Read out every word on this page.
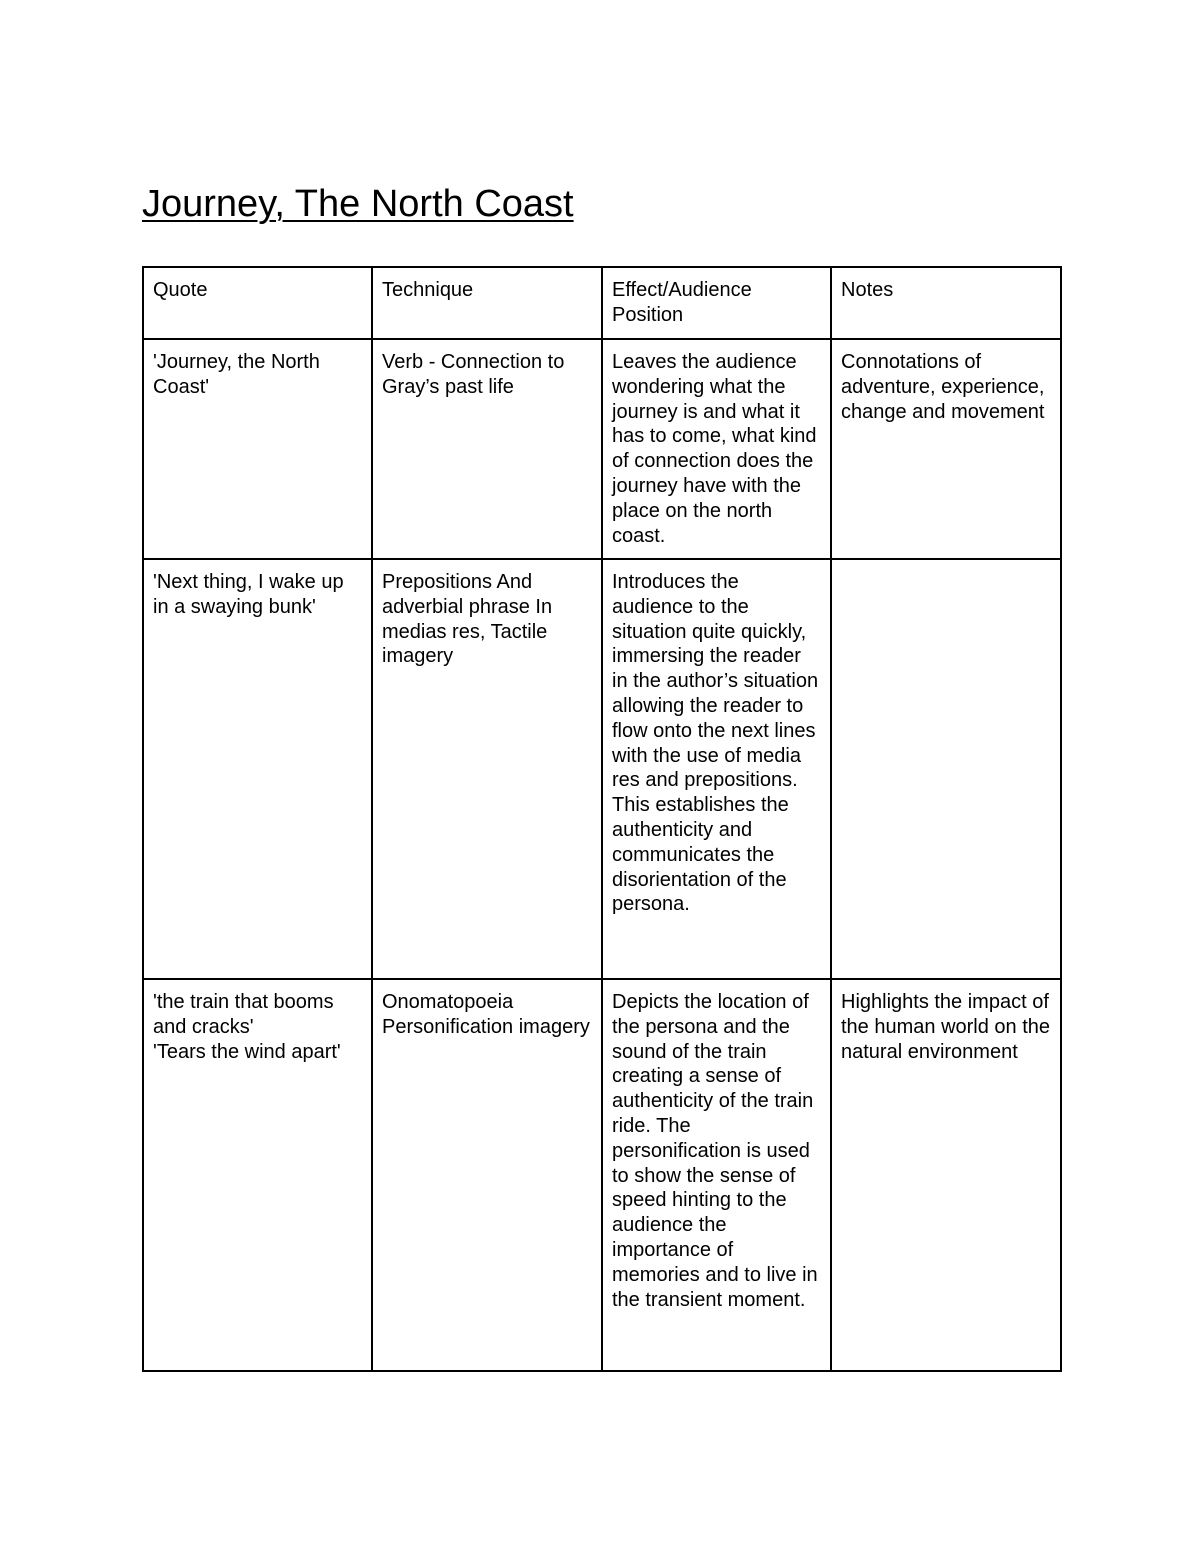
Journey, The North Coast
Quote	Technique	Effect/Audience Position	Notes

'Journey, the North Coast'	Verb - Connection to Gray’s past life	Leaves the audience wondering what the journey is and what it has to come, what kind of connection does the journey have with the place on the north coast.	Connotations of adventure, experience, change and movement

'Next thing, I wake up in a swaying bunk'	Prepositions And adverbial phrase In medias res, Tactile imagery	Introduces the audience to the situation quite quickly, immersing the reader in the author’s situation allowing the reader to flow onto the next lines with the use of media res and prepositions. This establishes the authenticity and communicates the disorientation of the persona.	

'the train that booms and cracks'
'Tears the wind apart'	Onomatopoeia Personification imagery	Depicts the location of the persona and the sound of the train creating a sense of authenticity of the train ride. The personification is used to show the sense of speed hinting to the audience the importance of memories and to live in the transient moment.	Highlights the impact of the human world on the natural environment
